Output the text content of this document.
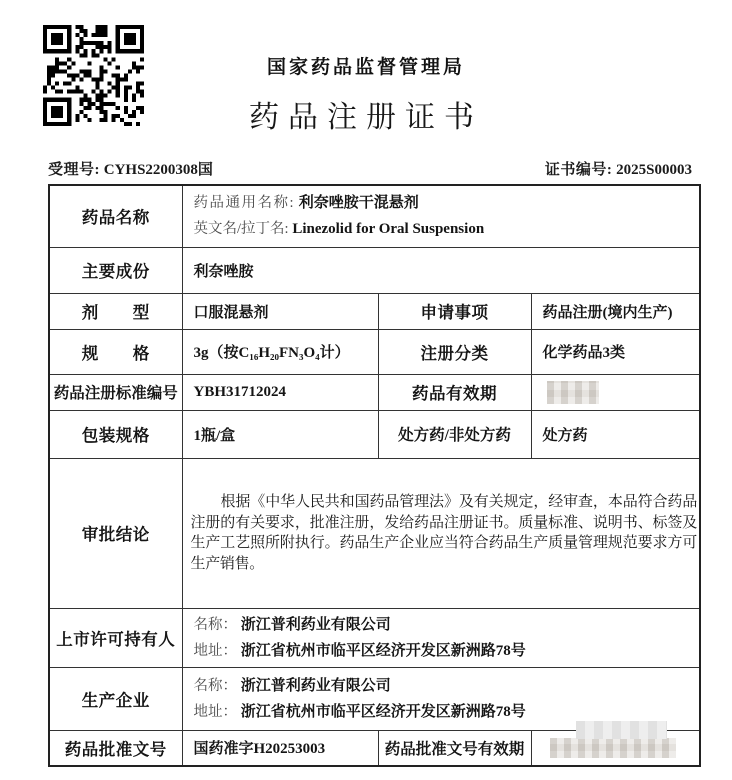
国家药品监督管理局
药品注册证书
受理号: CYHS2200308国	证书编号: 2025S00003
药品名称	药品通用名称: 利奈唑胺干混悬剂
英文名/拉丁名: Linezolid for Oral Suspension		

主要成份	利奈唑胺		
剂　　型	口服混悬剂	申请事项	药品注册(境内生产)
规　　格	3g（按C₁₆H₂₀FN₃O₄计）	注册分类	化学药品3类
药品注册标准编号	YBH31712024	药品有效期	
包装规格	1瓶/盒	处方药/非处方药	处方药
审批结论	根据《中华人民共和国药品管理法》及有关规定，经审查，本品符合药品注册的有关要求，批准注册，发给药品注册证书。质量标准、说明书、标签及生产工艺照所附执行。药品生产企业应当符合药品生产质量管理规范要求方可生产销售。		

上市许可持有人	名称： 浙江普利药业有限公司
地址： 浙江省杭州市临平区经济开发区新洲路78号		

生产企业	名称： 浙江普利药业有限公司
地址： 浙江省杭州市临平区经济开发区新洲路78号		

药品批准文号	国药准字H20253003	药品批准文号有效期	
